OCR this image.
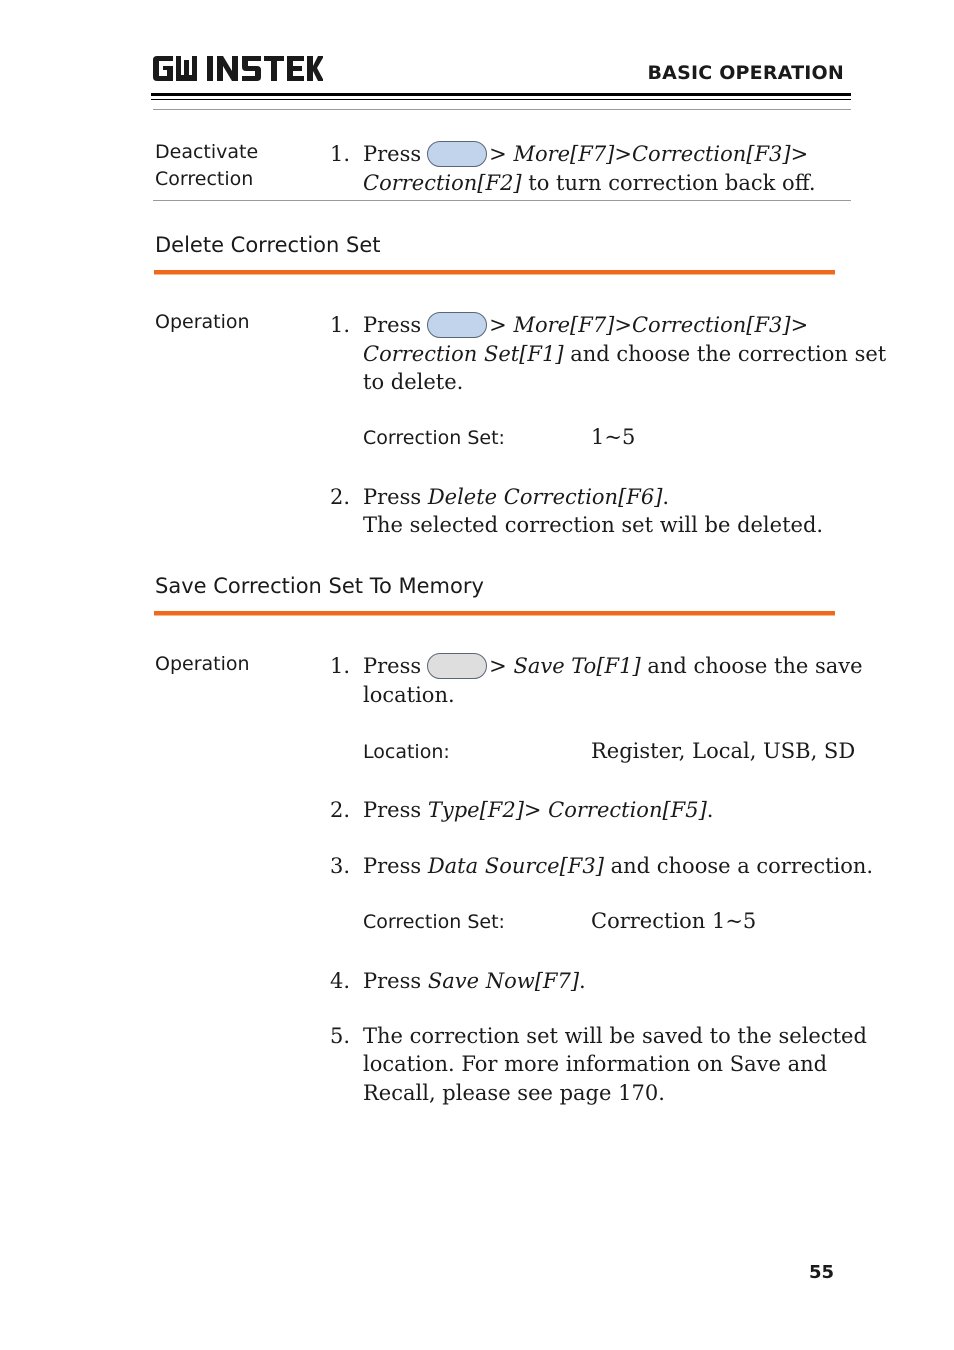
BASIC OPERATION
Deactivate
Correction
1. Press	> More[F7]>Correction[F3]>
Correction[F2] to turn correction back off.
Delete Correction Set
Operation	1. Press	> More[F7]>Correction[F3]>
Correction Set[F1] and choose the correction set
to delete.
Correction Set:	1~5
2. Press Delete Correction[F6].
The selected correction set will be deleted.
Save Correction Set To Memory
Operation	1. Press	> Save To[F1] and choose the save
location.
Location:	Register, Local, USB, SD
2. Press Type[F2]> Correction[F5].
3. Press Data Source[F3] and choose a correction.
Correction Set:	Correction 1~5
4. Press Save Now[F7].
5. The correction set will be saved to the selected
location. For more information on Save and
Recall, please see page 170.
55
